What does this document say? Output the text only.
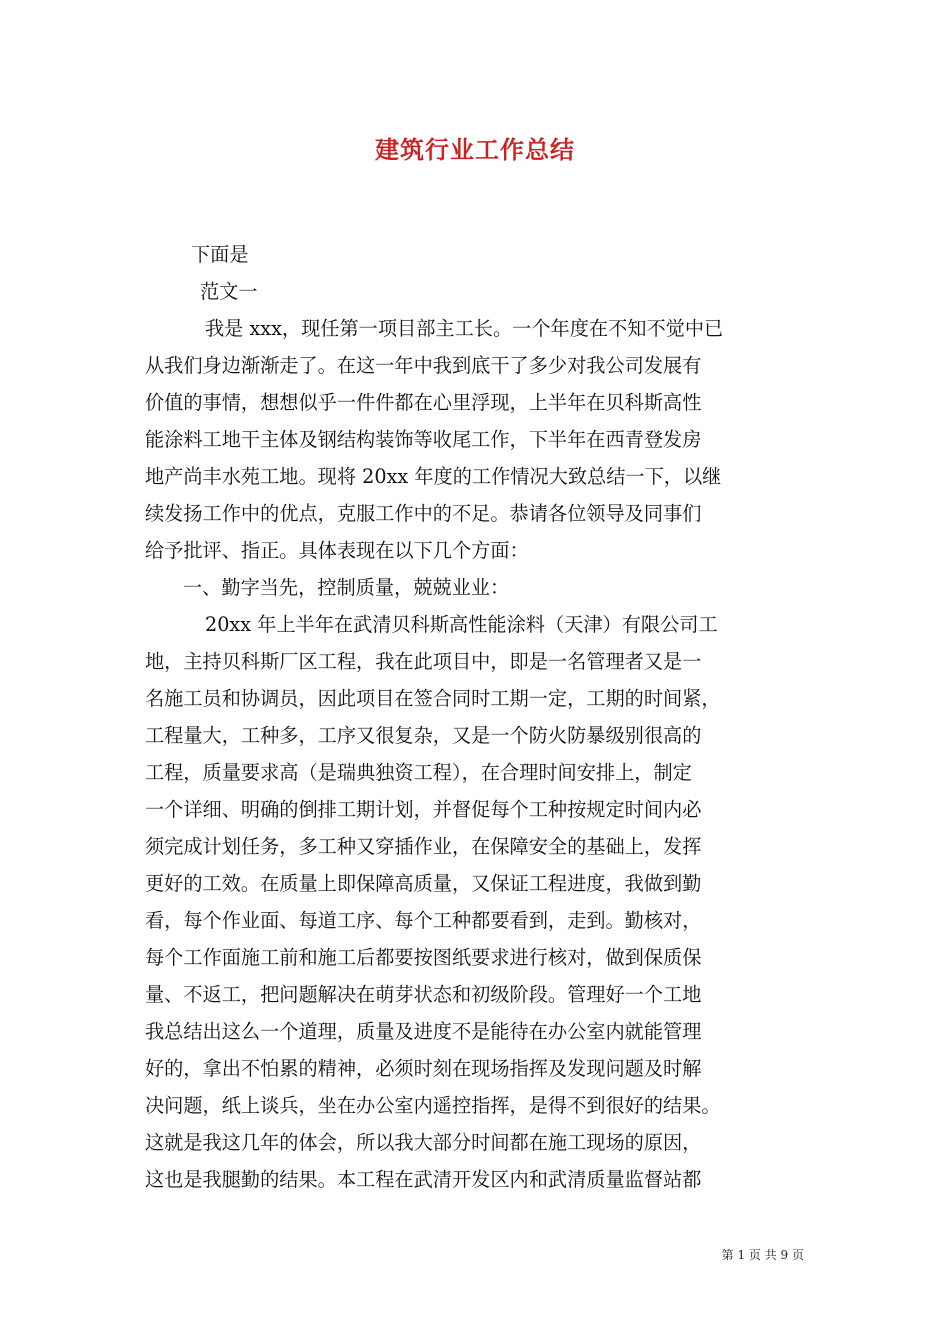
建筑行业工作总结
下面是
范文一
我是 xxx，现任第一项目部主工长。一个年度在不知不觉中已
从我们身边渐渐走了。在这一年中我到底干了多少对我公司发展有
价值的事情，想想似乎一件件都在心里浮现，上半年在贝科斯高性
能涂料工地干主体及钢结构装饰等收尾工作，下半年在西青登发房
地产尚丰水苑工地。现将 20xx 年度的工作情况大致总结一下，以继
续发扬工作中的优点，克服工作中的不足。恭请各位领导及同事们
给予批评、指正。具体表现在以下几个方面：
一、勤字当先，控制质量，兢兢业业：
20xx 年上半年在武清贝科斯高性能涂料（天津）有限公司工
地，主持贝科斯厂区工程，我在此项目中，即是一名管理者又是一
名施工员和协调员，因此项目在签合同时工期一定，工期的时间紧，
工程量大，工种多，工序又很复杂，又是一个防火防暴级别很高的
工程，质量要求高（是瑞典独资工程），在合理时间安排上，制定
一个详细、明确的倒排工期计划，并督促每个工种按规定时间内必
须完成计划任务，多工种又穿插作业，在保障安全的基础上，发挥
更好的工效。在质量上即保障高质量，又保证工程进度，我做到勤
看，每个作业面、每道工序、每个工种都要看到，走到。勤核对，
每个工作面施工前和施工后都要按图纸要求进行核对，做到保质保
量、不返工，把问题解决在萌芽状态和初级阶段。管理好一个工地
我总结出这么一个道理，质量及进度不是能待在办公室内就能管理
好的，拿出不怕累的精神，必须时刻在现场指挥及发现问题及时解
决问题，纸上谈兵，坐在办公室内遥控指挥，是得不到很好的结果。
这就是我这几年的体会，所以我大部分时间都在施工现场的原因，
这也是我腿勤的结果。本工程在武清开发区内和武清质量监督站都
第 1 页 共 9 页
